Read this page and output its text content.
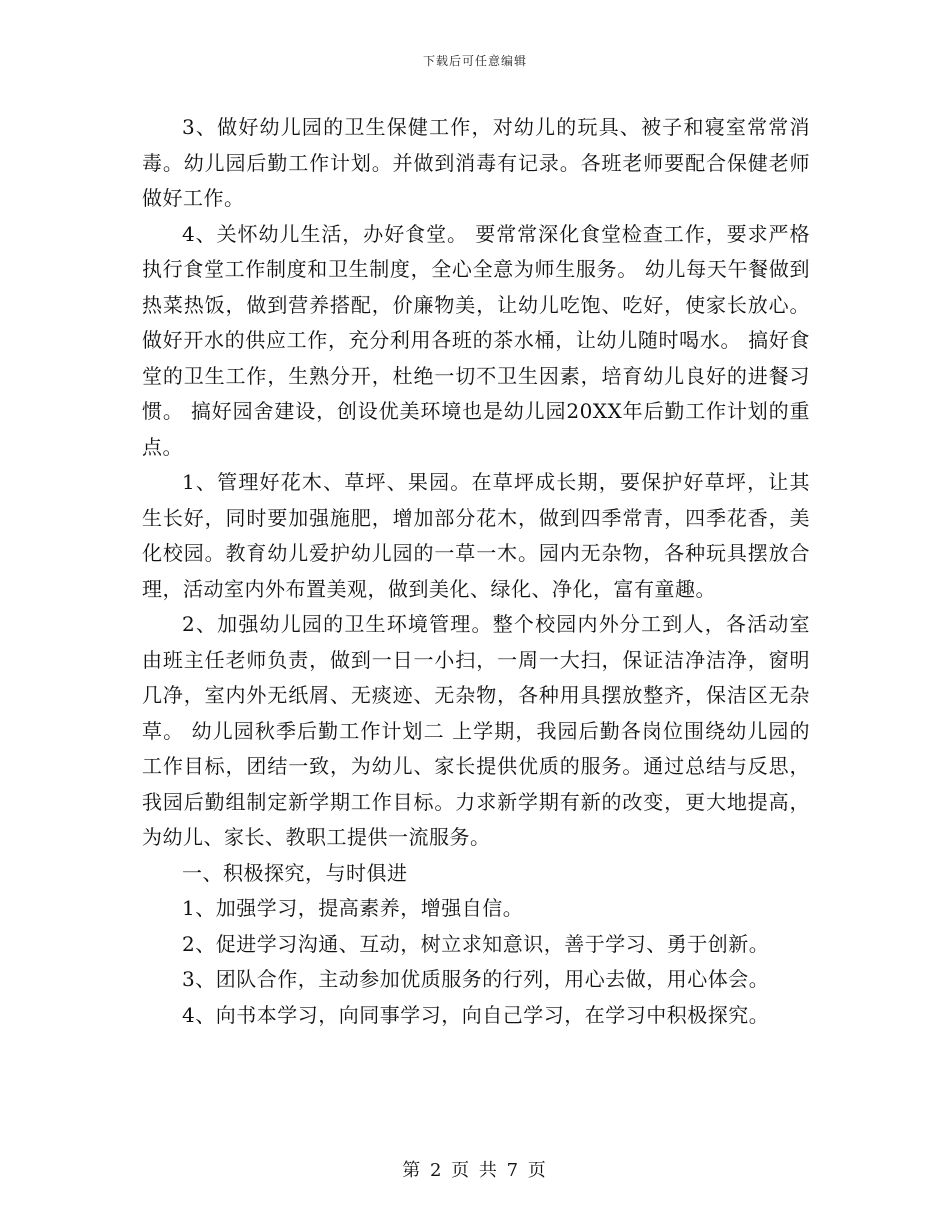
下载后可任意编辑

3、做好幼儿园的卫生保健工作，对幼儿的玩具、被子和寝室常常消毒。幼儿园后勤工作计划。并做到消毒有记录。各班老师要配合保健老师做好工作。

4、关怀幼儿生活，办好食堂。 要常常深化食堂检查工作，要求严格执行食堂工作制度和卫生制度，全心全意为师生服务。 幼儿每天午餐做到热菜热饭，做到营养搭配，价廉物美，让幼儿吃饱、吃好，使家长放心。 做好开水的供应工作，充分利用各班的茶水桶，让幼儿随时喝水。 搞好食堂的卫生工作，生熟分开，杜绝一切不卫生因素，培育幼儿良好的进餐习惯。 搞好园舍建设，创设优美环境也是幼儿园20XX年后勤工作计划的重点。

1、管理好花木、草坪、果园。在草坪成长期，要保护好草坪，让其生长好，同时要加强施肥，增加部分花木，做到四季常青，四季花香，美化校园。教育幼儿爱护幼儿园的一草一木。园内无杂物，各种玩具摆放合理，活动室内外布置美观，做到美化、绿化、净化，富有童趣。

2、加强幼儿园的卫生环境管理。整个校园内外分工到人，各活动室由班主任老师负责，做到一日一小扫，一周一大扫，保证洁净洁净，窗明几净，室内外无纸屑、无痰迹、无杂物，各种用具摆放整齐，保洁区无杂草。 幼儿园秋季后勤工作计划二 上学期，我园后勤各岗位围绕幼儿园的工作目标，团结一致，为幼儿、家长提供优质的服务。通过总结与反思，我园后勤组制定新学期工作目标。力求新学期有新的改变，更大地提高，为幼儿、家长、教职工提供一流服务。

一、积极探究，与时俱进

1、加强学习，提高素养，增强自信。

2、促进学习沟通、互动，树立求知意识，善于学习、勇于创新。

3、团队合作，主动参加优质服务的行列，用心去做，用心体会。

4、向书本学习，向同事学习，向自己学习，在学习中积极探究。

第 2 页 共 7 页
